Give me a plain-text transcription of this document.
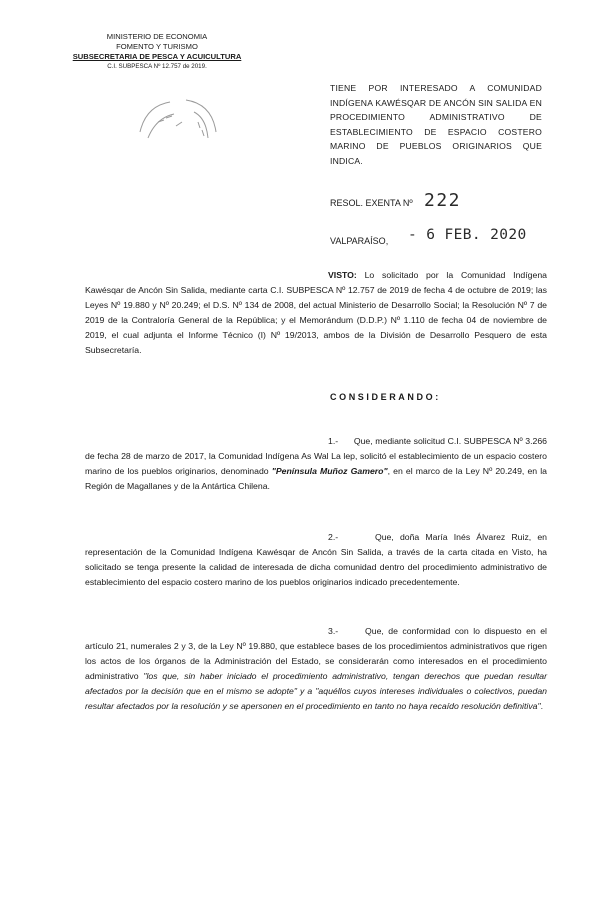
MINISTERIO DE ECONOMIA
FOMENTO Y TURISMO
SUBSECRETARIA DE PESCA Y ACUICULTURA
C.I. SUBPESCA Nº 12.757 de 2019.
TIENE POR INTERESADO A COMUNIDAD INDÍGENA KAWÉSQAR DE ANCÓN SIN SALIDA EN PROCEDIMIENTO ADMINISTRATIVO DE ESTABLECIMIENTO DE ESPACIO COSTERO MARINO DE PUEBLOS ORIGINARIOS QUE INDICA.
RESOL. EXENTA Nº 222
VALPARAÍSO, - 6 FEB. 2020
VISTO: Lo solicitado por la Comunidad Indígena Kawésqar de Ancón Sin Salida, mediante carta C.I. SUBPESCA Nº 12.757 de 2019 de fecha 4 de octubre de 2019; las Leyes Nº 19.880 y Nº 20.249; el D.S. Nº 134 de 2008, del actual Ministerio de Desarrollo Social; la Resolución Nº 7 de 2019 de la Contraloría General de la República; y el Memorándum (D.D.P.) Nº 1.110 de fecha 04 de noviembre de 2019, el cual adjunta el Informe Técnico (I) Nº 19/2013, ambos de la División de Desarrollo Pesquero de esta Subsecretaría.
CONSIDERANDO:
1.- Que, mediante solicitud C.I. SUBPESCA Nº 3.266 de fecha 28 de marzo de 2017, la Comunidad Indígena As Wal La lep, solicitó el establecimiento de un espacio costero marino de los pueblos originarios, denominado "Península Muñoz Gamero", en el marco de la Ley Nº 20.249, en la Región de Magallanes y de la Antártica Chilena.
2.-	Que, doña María Inés Álvarez Ruiz, en representación de la Comunidad Indígena Kawésqar de Ancón Sin Salida, a través de la carta citada en Visto, ha solicitado se tenga presente la calidad de interesada de dicha comunidad dentro del procedimiento administrativo de establecimiento del espacio costero marino de los pueblos originarios indicado precedentemente.
3.-	Que, de conformidad con lo dispuesto en el artículo 21, numerales 2 y 3, de la Ley Nº 19.880, que establece bases de los procedimientos administrativos que rigen los actos de los órganos de la Administración del Estado, se considerarán como interesados en el procedimiento administrativo "los que, sin haber iniciado el procedimiento administrativo, tengan derechos que puedan resultar afectados por la decisión que en el mismo se adopte" y a "aquéllos cuyos intereses individuales o colectivos, puedan resultar afectados por la resolución y se apersonen en el procedimiento en tanto no haya recaído resolución definitiva".
